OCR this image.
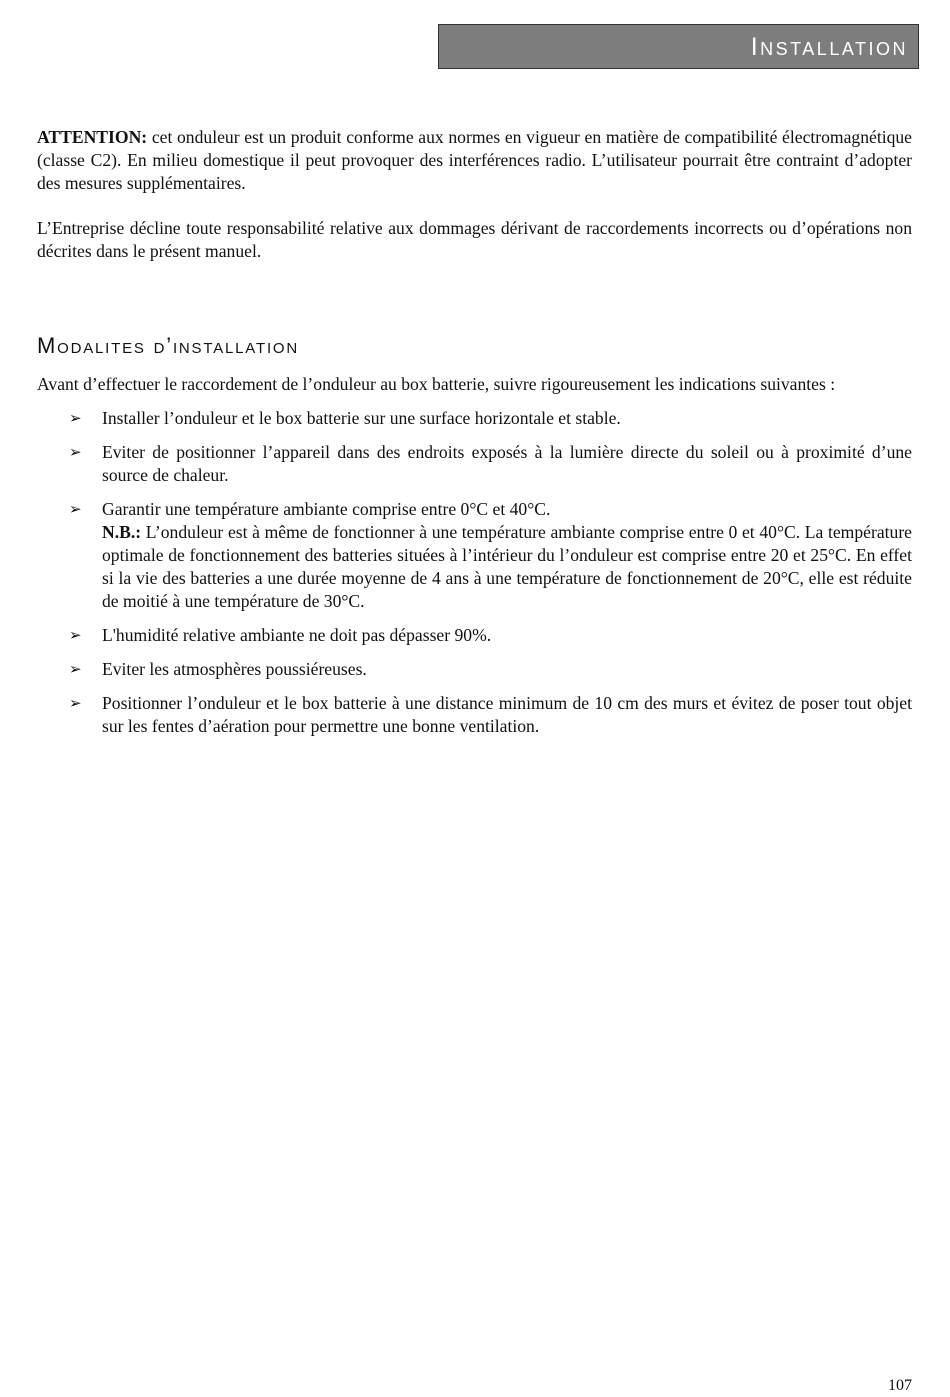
Installation

ATTENTION: cet onduleur est un produit conforme aux normes en vigueur en matière de compatibilité électromagnétique (classe C2). En milieu domestique il peut provoquer des interférences radio. L’utilisateur pourrait être contraint d’adopter des mesures supplémentaires.

L’Entreprise décline toute responsabilité relative aux dommages dérivant de raccordements incorrects ou d’opérations non décrites dans le présent manuel.

Modalites d’installation

Avant d’effectuer le raccordement de l’onduleur au box batterie, suivre rigoureusement les indications suivantes :

➢ Installer l’onduleur et le box batterie sur une surface horizontale et stable.
➢ Eviter de positionner l’appareil dans des endroits exposés à la lumière directe du soleil ou à proximité d’une source de chaleur.
➢ Garantir une température ambiante comprise entre 0°C et 40°C.
N.B.: L’onduleur est à même de fonctionner à une température ambiante comprise entre 0 et 40°C. La température optimale de fonctionnement des batteries situées à l’intérieur du l’onduleur est comprise entre 20 et 25°C. En effet si la vie des batteries a une durée moyenne de 4 ans à une température de fonctionnement de 20°C, elle est réduite de moitié à une température de 30°C.
➢ L'humidité relative ambiante ne doit pas dépasser 90%.
➢ Eviter les atmosphères poussiéreuses.
➢ Positionner l’onduleur et le box batterie à une distance minimum de 10 cm des murs et évitez de poser tout objet sur les fentes d’aération pour permettre une bonne ventilation.
107
